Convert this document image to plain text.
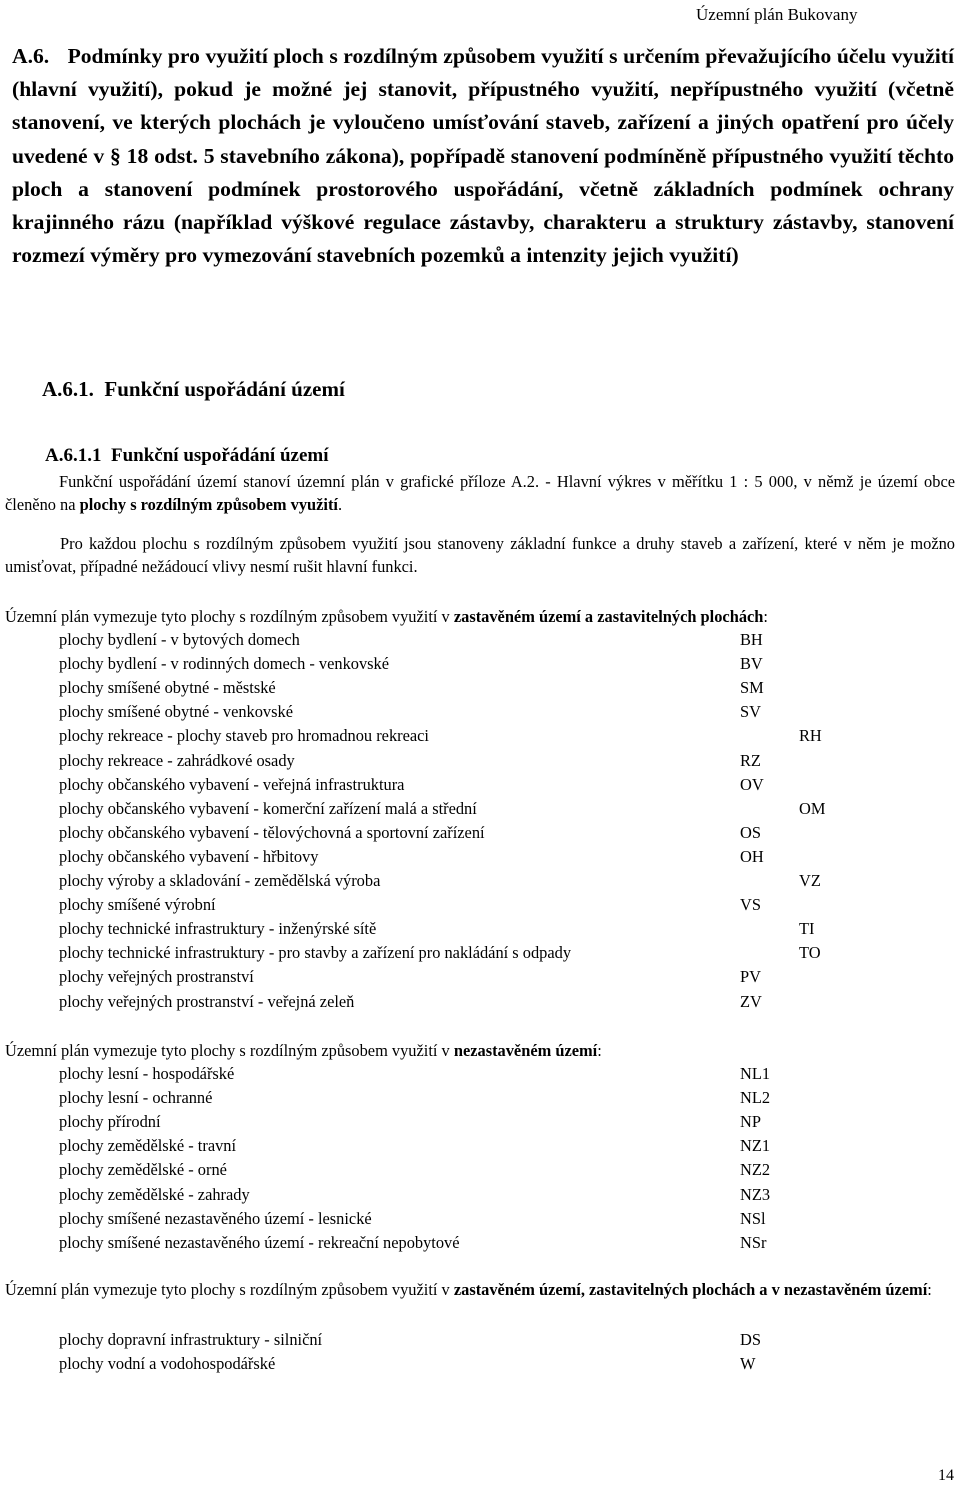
Územní plán Bukovany
A.6. Podmínky pro využití ploch s rozdílným způsobem využití s určením převažujícího účelu využití (hlavní využití), pokud je možné jej stanovit, přípustného využití, nepřípustného využití (včetně stanovení, ve kterých plochách je vyloučeno umísťování staveb, zařízení a jiných opatření pro účely uvedené v § 18 odst. 5 stavebního zákona), popřípadě stanovení podmíněně přípustného využití těchto ploch a stanovení podmínek prostorového uspořádání, včetně základních podmínek ochrany krajinného rázu (například výškové regulace zástavby, charakteru a struktury zástavby, stanovení rozmezí výměry pro vymezování stavebních pozemků a intenzity jejich využití)
A.6.1. Funkční uspořádání území
A.6.1.1 Funkční uspořádání území
Funkční uspořádání území stanoví územní plán v grafické příloze A.2. - Hlavní výkres v měřítku 1 : 5 000, v němž je území obce členěno na plochy s rozdílným způsobem využití.
Pro každou plochu s rozdílným způsobem využití jsou stanoveny základní funkce a druhy staveb a zařízení, které v něm je možno umisťovat, případné nežádoucí vlivy nesmí rušit hlavní funkci.
Územní plán vymezuje tyto plochy s rozdílným způsobem využití v zastavěném území a zastavitelných plochách:
plochy bydlení - v bytových domech	BH
plochy bydlení - v rodinných domech - venkovské	BV
plochy smíšené obytné - městské	SM
plochy smíšené obytné - venkovské	SV
plochy rekreace - plochy staveb pro hromadnou rekreaci	RH
plochy rekreace - zahrádkové osady	RZ
plochy občanského vybavení - veřejná infrastruktura	OV
plochy občanského vybavení - komerční zařízení malá a střední	OM
plochy občanského vybavení - tělovýchovná a sportovní zařízení	OS
plochy občanského vybavení - hřbitovy	OH
plochy výroby a skladování - zemědělská výroba	VZ
plochy smíšené výrobní	VS
plochy technické infrastruktury - inženýrské sítě	TI
plochy technické infrastruktury - pro stavby a zařízení pro nakládání s odpady	TO
plochy veřejných prostranství	PV
plochy veřejných prostranství - veřejná zeleň	ZV
Územní plán vymezuje tyto plochy s rozdílným způsobem využití v nezastavěném území:
plochy lesní - hospodářské	NL1
plochy lesní - ochranné	NL2
plochy přírodní	NP
plochy zemědělské - travní	NZ1
plochy zemědělské - orné	NZ2
plochy zemědělské - zahrady	NZ3
plochy smíšené nezastavěného území - lesnické	NSl
plochy smíšené nezastavěného území - rekreační nepobytové	NSr
Územní plán vymezuje tyto plochy s rozdílným způsobem využití v zastavěném území, zastavitelných plochách a v nezastavěném území:
plochy dopravní infrastruktury - silniční	DS
plochy vodní a vodohospodářské	W
14
